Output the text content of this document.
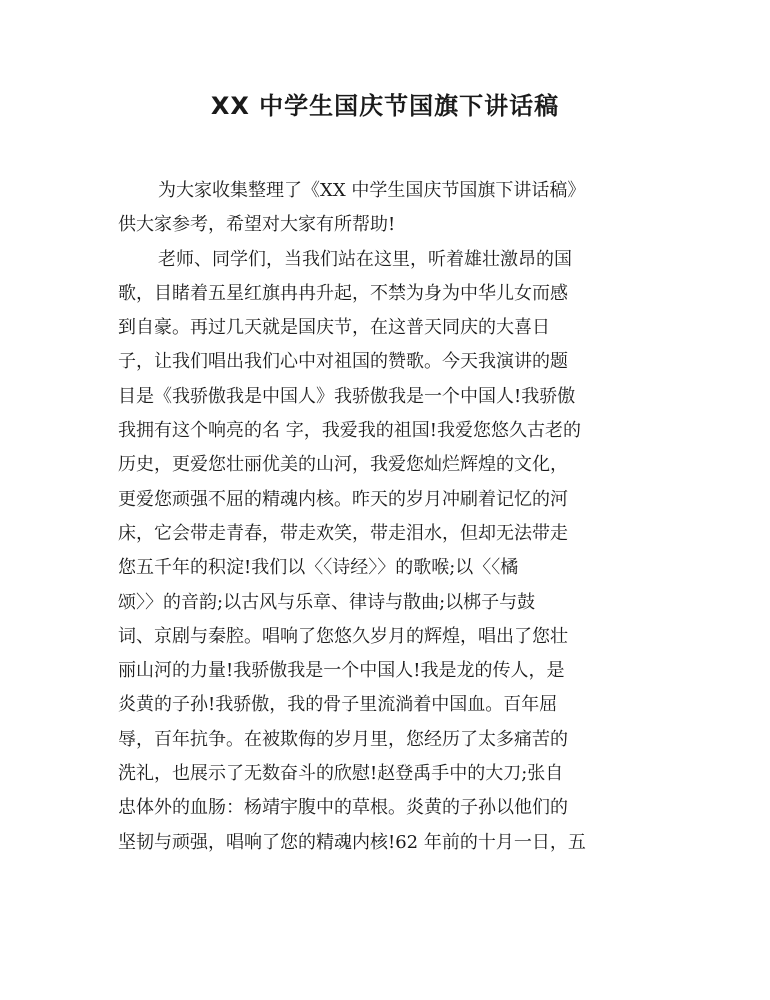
XX 中学生国庆节国旗下讲话稿
为大家收集整理了《XX 中学生国庆节国旗下讲话稿》
供大家参考，希望对大家有所帮助!
老师、同学们，当我们站在这里，听着雄壮激昂的国
歌，目睹着五星红旗冉冉升起，不禁为身为中华儿女而感
到自豪。再过几天就是国庆节，在这普天同庆的大喜日
子，让我们唱出我们心中对祖国的赞歌。今天我演讲的题
目是《我骄傲我是中国人》我骄傲我是一个中国人!我骄傲
我拥有这个响亮的名 字，我爱我的祖国!我爱您悠久古老的
历史，更爱您壮丽优美的山河，我爱您灿烂辉煌的文化，
更爱您顽强不屈的精魂内核。昨天的岁月冲刷着记忆的河
床，它会带走青春，带走欢笑，带走泪水，但却无法带走
您五千年的积淀!我们以〈〈诗经〉〉的歌喉;以〈〈橘
颂〉〉的音韵;以古风与乐章、律诗与散曲;以梆子与鼓
词、京剧与秦腔。唱响了您悠久岁月的辉煌，唱出了您壮
丽山河的力量!我骄傲我是一个中国人!我是龙的传人，是
炎黄的子孙!我骄傲，我的骨子里流淌着中国血。百年屈
辱，百年抗争。在被欺侮的岁月里，您经历了太多痛苦的
洗礼，也展示了无数奋斗的欣慰!赵登禹手中的大刀;张自
忠体外的血肠：杨靖宇腹中的草根。炎黄的子孙以他们的
坚韧与顽强，唱响了您的精魂内核!62 年前的十月一日，五
